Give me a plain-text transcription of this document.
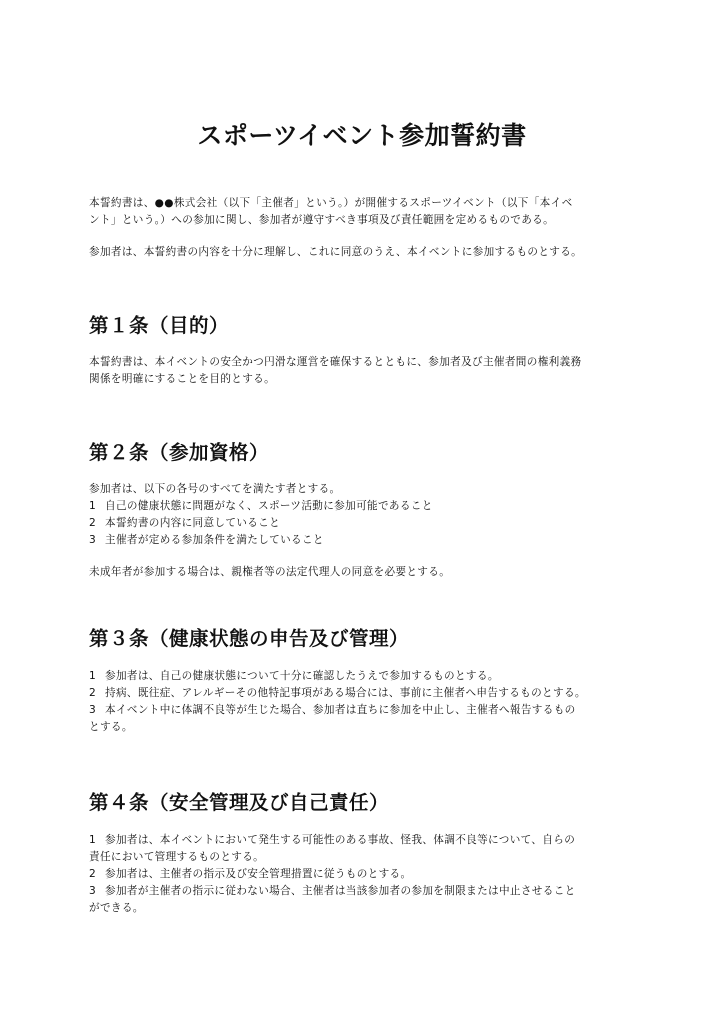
スポーツイベント参加誓約書

本誓約書は、●●株式会社（以下「主催者」という。）が開催するスポーツイベント（以下「本イベ

ント」という。）への参加に関し、参加者が遵守すべき事項及び責任範囲を定めるものである。

参加者は、本誓約書の内容を十分に理解し、これに同意のうえ、本イベントに参加するものとする。

第１条（目的）

本誓約書は、本イベントの安全かつ円滑な運営を確保するとともに、参加者及び主催者間の権利義務

関係を明確にすることを目的とする。

第２条（参加資格）

参加者は、以下の各号のすべてを満たす者とする。

1 自己の健康状態に問題がなく、スポーツ活動に参加可能であること

2 本誓約書の内容に同意していること

3 主催者が定める参加条件を満たしていること

未成年者が参加する場合は、親権者等の法定代理人の同意を必要とする。

第３条（健康状態の申告及び管理）

1 参加者は、自己の健康状態について十分に確認したうえで参加するものとする。

2 持病、既往症、アレルギーその他特記事項がある場合には、事前に主催者へ申告するものとする。

3 本イベント中に体調不良等が生じた場合、参加者は直ちに参加を中止し、主催者へ報告するもの

とする。

第４条（安全管理及び自己責任）

1 参加者は、本イベントにおいて発生する可能性のある事故、怪我、体調不良等について、自らの

責任において管理するものとする。

2 参加者は、主催者の指示及び安全管理措置に従うものとする。

3 参加者が主催者の指示に従わない場合、主催者は当該参加者の参加を制限または中止させること

ができる。
